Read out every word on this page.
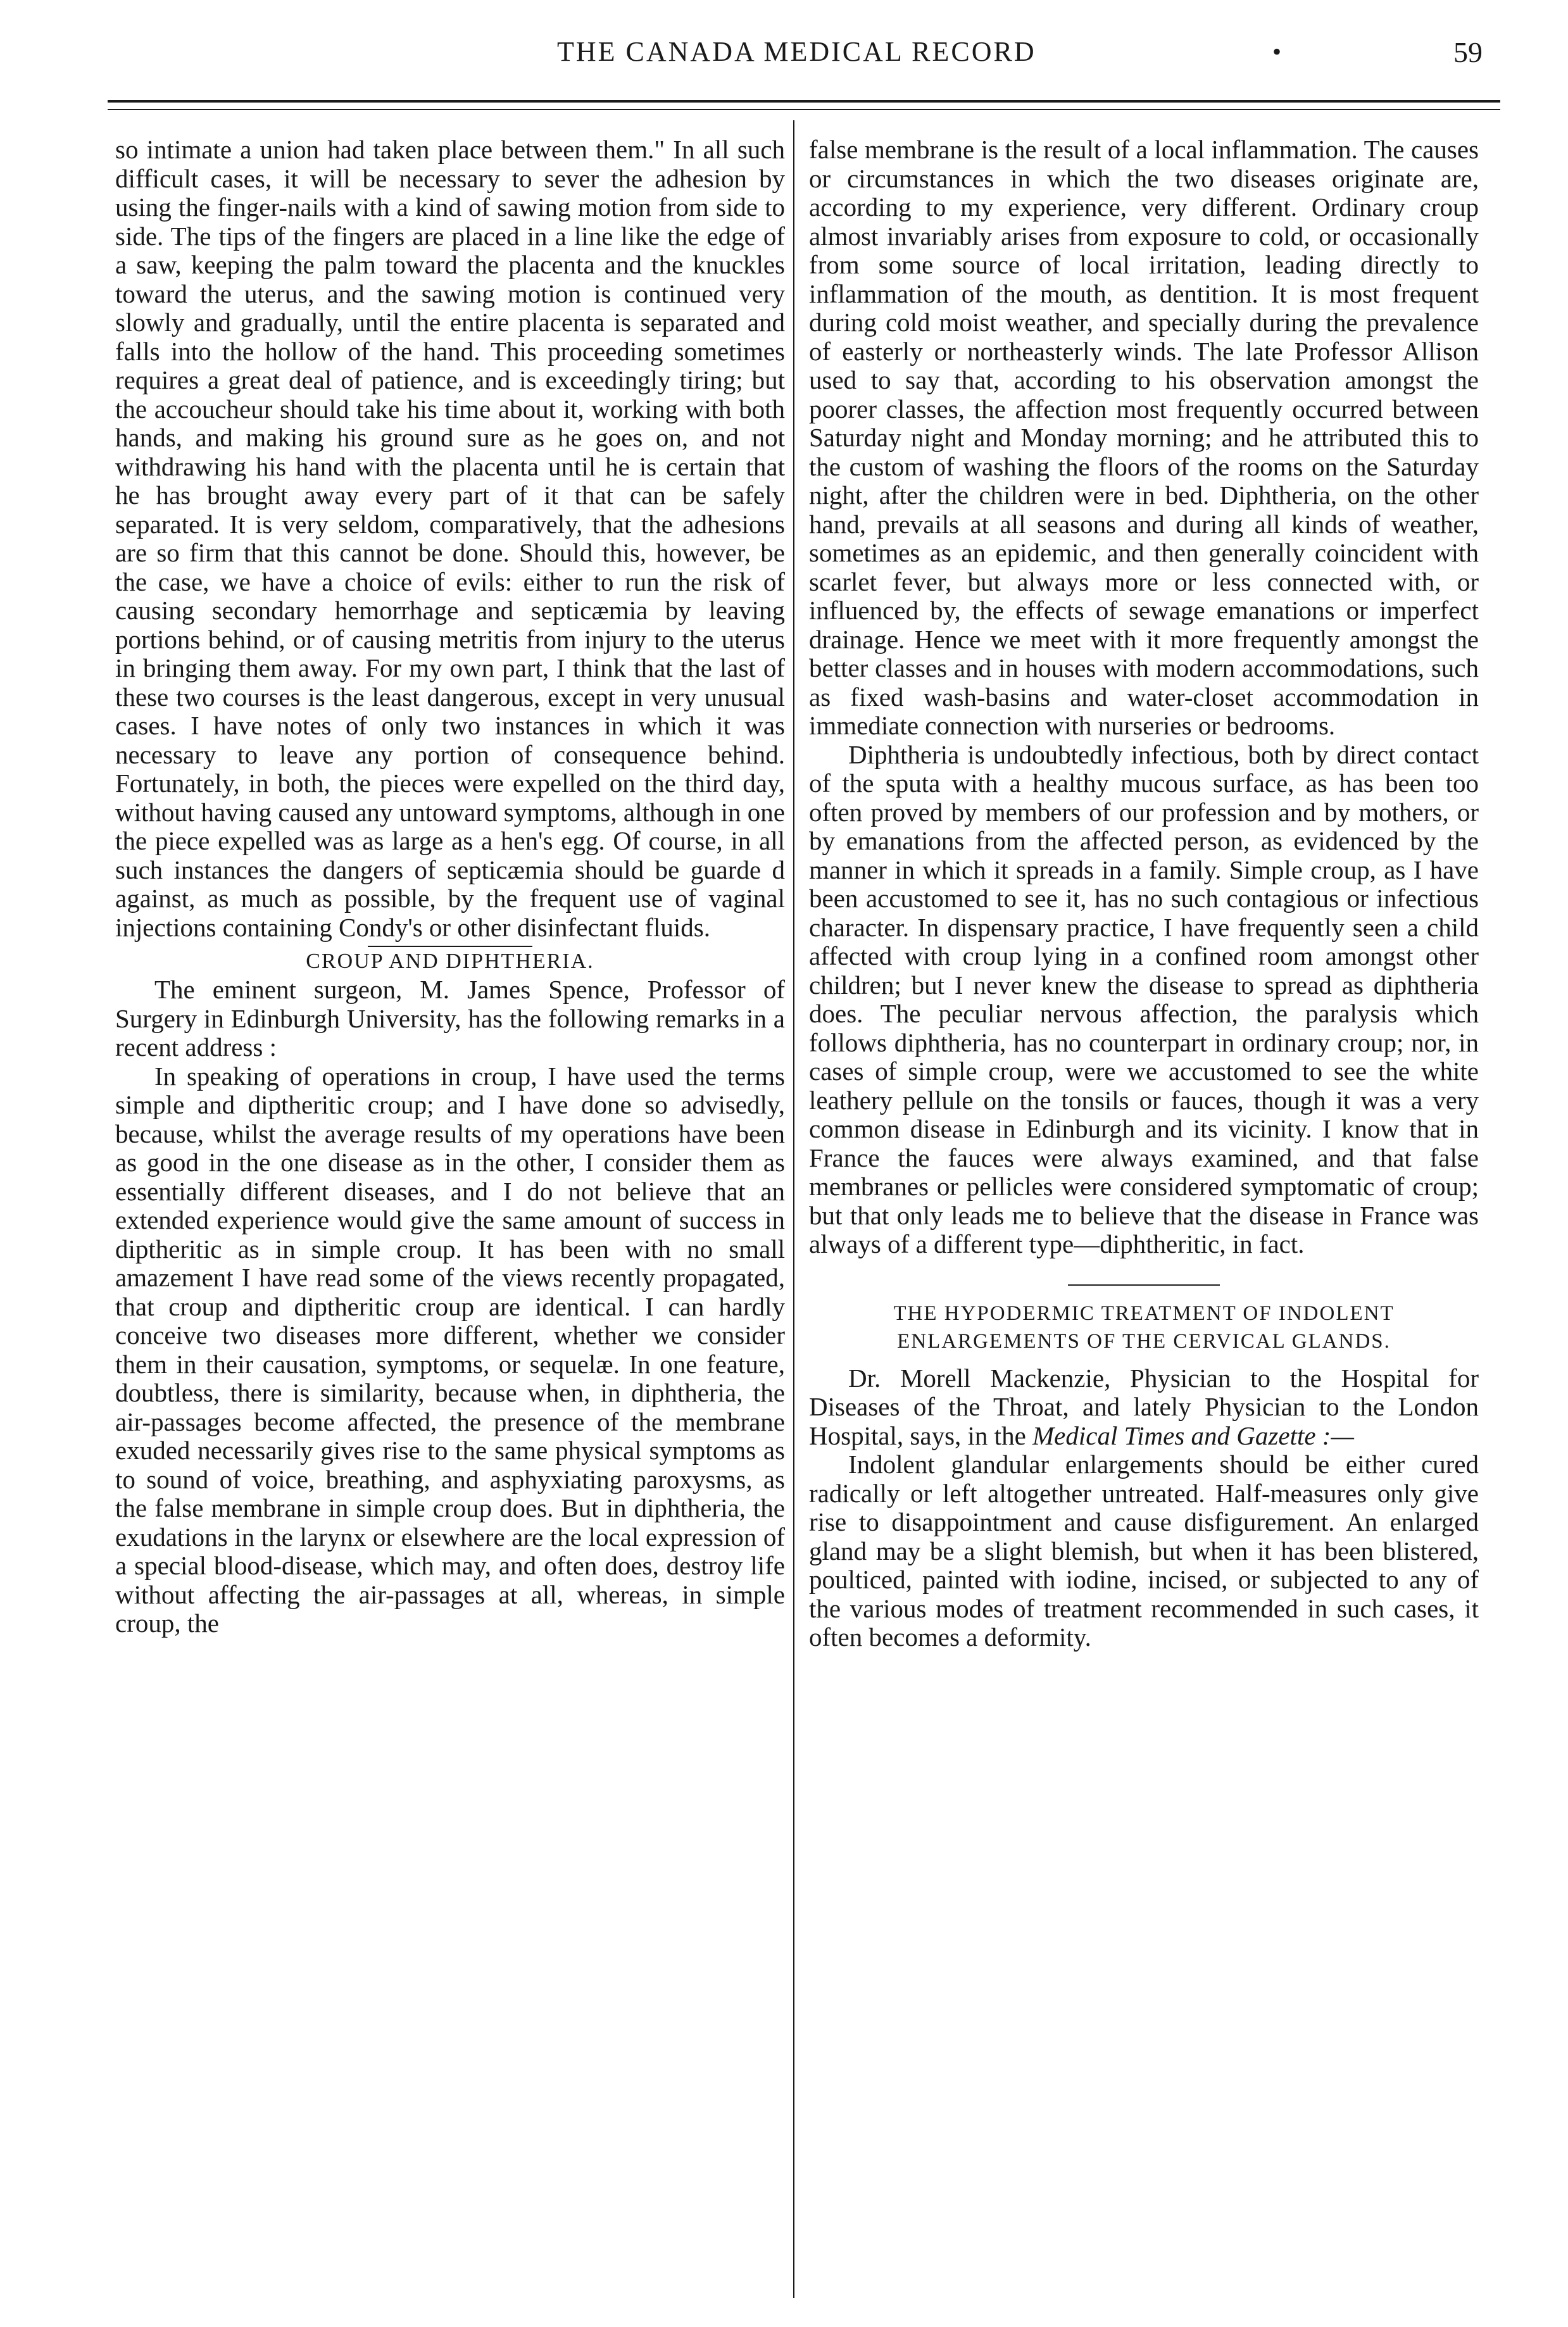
THE CANADA MEDICAL RECORD	•	59

so intimate a union had taken place between them." In all such difficult cases, it will be necessary to sever the adhesion by using the finger-nails with a kind of sawing motion from side to side. The tips of the fingers are placed in a line like the edge of a saw, keeping the palm toward the placenta and the knuckles toward the uterus, and the sawing motion is continued very slowly and gradually, until the entire placenta is separated and falls into the hollow of the hand. This proceeding sometimes requires a great deal of patience, and is exceedingly tiring; but the accoucheur should take his time about it, working with both hands, and making his ground sure as he goes on, and not withdrawing his hand with the placenta until he is certain that he has brought away every part of it that can be safely separated. It is very seldom, comparatively, that the adhesions are so firm that this cannot be done. Should this, however, be the case, we have a choice of evils: either to run the risk of causing secondary hemorrhage and septicæmia by leaving portions behind, or of causing metritis from injury to the uterus in bringing them away. For my own part, I think that the last of these two courses is the least dangerous, except in very unusual cases. I have notes of only two instances in which it was necessary to leave any portion of consequence behind. Fortunately, in both, the pieces were expelled on the third day, without having caused any untoward symptoms, although in one the piece expelled was as large as a hen's egg. Of course, in all such instances the dangers of septicæmia should be guarde d against, as much as possible, by the frequent use of vaginal injections containing Condy's or other disinfectant fluids.

CROUP AND DIPHTHERIA.

The eminent surgeon, M. James Spence, Professor of Surgery in Edinburgh University, has the following remarks in a recent address :

In speaking of operations in croup, I have used the terms simple and diptheritic croup; and I have done so advisedly, because, whilst the average results of my operations have been as good in the one disease as in the other, I consider them as essentially different diseases, and I do not believe that an extended experience would give the same amount of success in diptheritic as in simple croup. It has been with no small amazement I have read some of the views recently propagated, that croup and diptheritic croup are identical. I can hardly conceive two diseases more different, whether we consider them in their causation, symptoms, or sequelæ. In one feature, doubtless, there is similarity, because when, in diphtheria, the air-passages become affected, the presence of the membrane exuded necessarily gives rise to the same physical symptoms as to sound of voice, breathing, and asphyxiating paroxysms, as the false membrane in simple croup does. But in diphtheria, the exudations in the larynx or elsewhere are the local expression of a special blood-disease, which may, and often does, destroy life without affecting the air-passages at all, whereas, in simple croup, the

false membrane is the result of a local inflammation. The causes or circumstances in which the two diseases originate are, according to my experience, very different. Ordinary croup almost invariably arises from exposure to cold, or occasionally from some source of local irritation, leading directly to inflammation of the mouth, as dentition. It is most frequent during cold moist weather, and specially during the prevalence of easterly or northeasterly winds. The late Professor Allison used to say that, according to his observation amongst the poorer classes, the affection most frequently occurred between Saturday night and Monday morning; and he attributed this to the custom of washing the floors of the rooms on the Saturday night, after the children were in bed. Diphtheria, on the other hand, prevails at all seasons and during all kinds of weather, sometimes as an epidemic, and then generally coincident with scarlet fever, but always more or less connected with, or influenced by, the effects of sewage emanations or imperfect drainage. Hence we meet with it more frequently amongst the better classes and in houses with modern accommodations, such as fixed wash-basins and water-closet accommodation in immediate connection with nurseries or bedrooms.

Diphtheria is undoubtedly infectious, both by direct contact of the sputa with a healthy mucous surface, as has been too often proved by members of our profession and by mothers, or by emanations from the affected person, as evidenced by the manner in which it spreads in a family. Simple croup, as I have been accustomed to see it, has no such contagious or infectious character. In dispensary practice, I have frequently seen a child affected with croup lying in a confined room amongst other children; but I never knew the disease to spread as diphtheria does. The peculiar nervous affection, the paralysis which follows diphtheria, has no counterpart in ordinary croup; nor, in cases of simple croup, were we accustomed to see the white leathery pellule on the tonsils or fauces, though it was a very common disease in Edinburgh and its vicinity. I know that in France the fauces were always examined, and that false membranes or pellicles were considered symptomatic of croup; but that only leads me to believe that the disease in France was always of a different type—diphtheritic, in fact.

THE HYPODERMIC TREATMENT OF INDOLENT ENLARGEMENTS OF THE CERVICAL GLANDS.

Dr. Morell Mackenzie, Physician to the Hospital for Diseases of the Throat, and lately Physician to the London Hospital, says, in the Medical Times and Gazette :—

Indolent glandular enlargements should be either cured radically or left altogether untreated. Half-measures only give rise to disappointment and cause disfigurement. An enlarged gland may be a slight blemish, but when it has been blistered, poulticed, painted with iodine, incised, or subjected to any of the various modes of treatment recommended in such cases, it often becomes a deformity.
